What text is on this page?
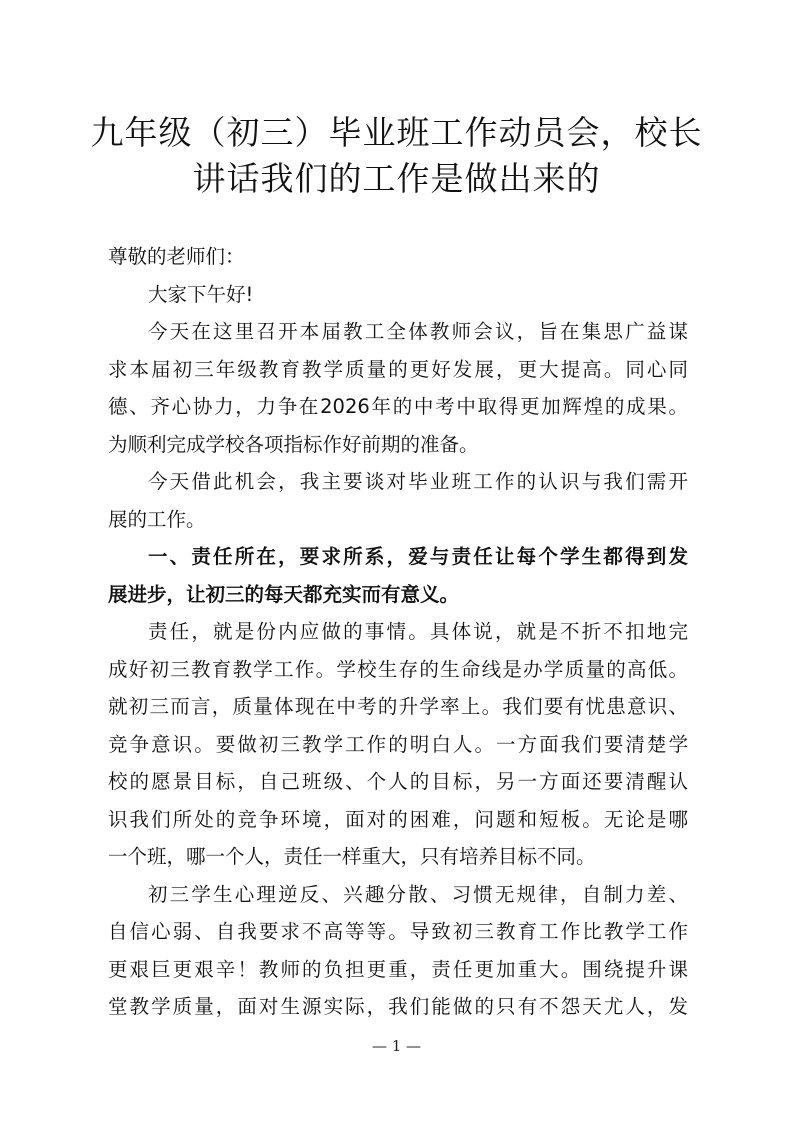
九年级（初三）毕业班工作动员会，校长
讲话我们的工作是做出来的
尊敬的老师们：
大家下午好!
今天在这里召开本届教工全体教师会议，旨在集思广益谋
求本届初三年级教育教学质量的更好发展，更大提高。同心同
德、齐心协力，力争在2026年的中考中取得更加辉煌的成果。
为顺利完成学校各项指标作好前期的准备。
今天借此机会，我主要谈对毕业班工作的认识与我们需开
展的工作。
一、责任所在，要求所系，爱与责任让每个学生都得到发
展进步，让初三的每天都充实而有意义。
责任，就是份内应做的事情。具体说，就是不折不扣地完
成好初三教育教学工作。学校生存的生命线是办学质量的高低。
就初三而言，质量体现在中考的升学率上。我们要有忧患意识、
竞争意识。要做初三教学工作的明白人。一方面我们要清楚学
校的愿景目标，自己班级、个人的目标，另一方面还要清醒认
识我们所处的竞争环境，面对的困难，问题和短板。无论是哪
一个班，哪一个人，责任一样重大，只有培养目标不同。
初三学生心理逆反、兴趣分散、习惯无规律，自制力差、
自信心弱、自我要求不高等等。导致初三教育工作比教学工作
更艰巨更艰辛！教师的负担更重，责任更加重大。围绕提升课
堂教学质量，面对生源实际，我们能做的只有不怨天尤人，发
— 1 —
